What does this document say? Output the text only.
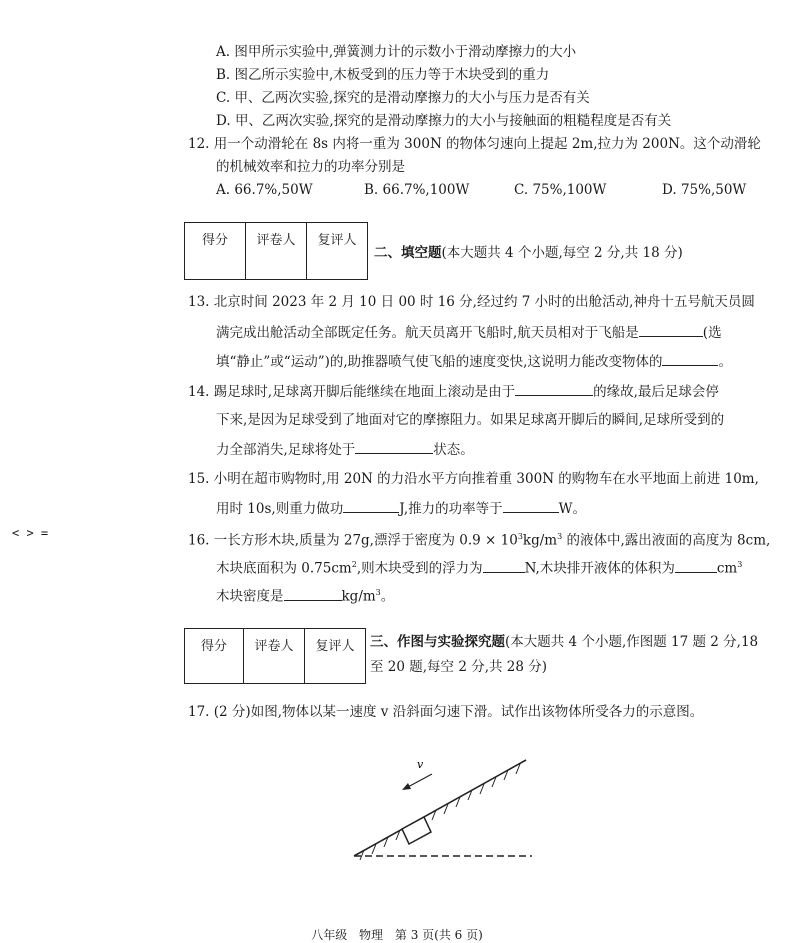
A. 图甲所示实验中,弹簧测力计的示数小于滑动摩擦力的大小
B. 图乙所示实验中,木板受到的压力等于木块受到的重力
C. 甲、乙两次实验,探究的是滑动摩擦力的大小与压力是否有关
D. 甲、乙两次实验,探究的是滑动摩擦力的大小与接触面的粗糙程度是否有关
12. 用一个动滑轮在 8s 内将一重为 300N 的物体匀速向上提起 2m,拉力为 200N。这个动滑轮
的机械效率和拉力的功率分别是
A. 66.7%,50W	B. 66.7%,100W	C. 75%,100W	D. 75%,50W
得分	评卷人	复评人
二、填空题(本大题共 4 个小题,每空 2 分,共 18 分)
13. 北京时间 2023 年 2 月 10 日 00 时 16 分,经过约 7 小时的出舱活动,神舟十五号航天员圆
满完成出舱活动全部既定任务。航天员离开飞船时,航天员相对于飞船是	(选
填“静止”或“运动”)的,助推器喷气使飞船的速度变快,这说明力能改变物体的	。
14. 踢足球时,足球离开脚后能继续在地面上滚动是由于	的缘故,最后足球会停
下来,是因为足球受到了地面对它的摩擦阻力。如果足球离开脚后的瞬间,足球所受到的
力全部消失,足球将处于	状态。
15. 小明在超市购物时,用 20N 的力沿水平方向推着重 300N 的购物车在水平地面上前进 10m,
用时 10s,则重力做功	J,推力的功率等于	W。
< > =	16. 一长方形木块,质量为 27g,漂浮于密度为 $0.9 \times 10^3kg/m^3$ 的液体中,露出液面的高度为 8cm,
木块底面积为 $0.75cm^2$,则木块受到的浮力为	N,木块排开液体的体积为	$cm^3$
木块密度是	$kg/m^3$。
得分	评卷人	复评人 三、作图与实验探究题(本大题共 4 个小题,作图题 17 题 2 分,18
至 20 题,每空 2 分,共 28 分)
17. (2 分)如图,物体以某一速度 v 沿斜面匀速下滑。试作出该物体所受各力的示意图。
v
八年级 物理 第 3 页(共 6 页)
